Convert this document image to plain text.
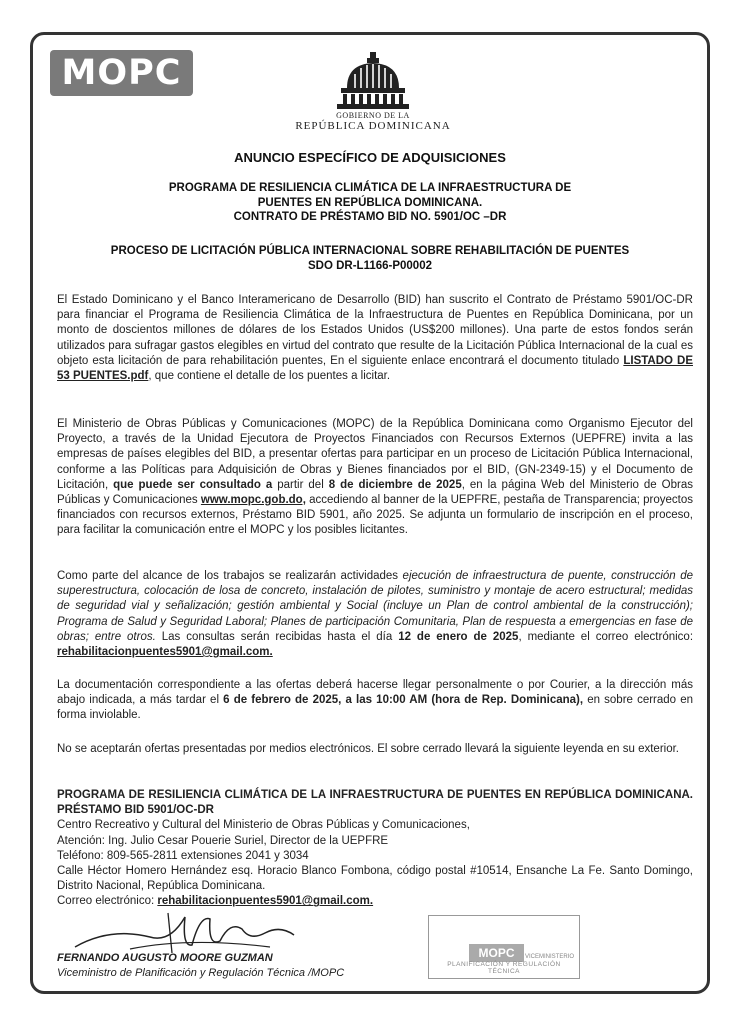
MOPC
GOBIERNO DE LA
REPÚBLICA DOMINICANA
ANUNCIO ESPECÍFICO DE ADQUISICIONES
PROGRAMA DE RESILIENCIA CLIMÁTICA DE LA INFRAESTRUCTURA DE
PUENTES EN REPÚBLICA DOMINICANA.
CONTRATO DE PRÉSTAMO BID NO. 5901/OC –DR
PROCESO DE LICITACIÓN PÚBLICA INTERNACIONAL SOBRE REHABILITACIÓN DE PUENTES
SDO DR-L1166-P00002
El Estado Dominicano y el Banco Interamericano de Desarrollo (BID) han suscrito el Contrato de Préstamo 5901/OC-DR para financiar el Programa de Resiliencia Climática de la Infraestructura de Puentes en República Dominicana, por un monto de doscientos millones de dólares de los Estados Unidos (US$200 millones). Una parte de estos fondos serán utilizados para sufragar gastos elegibles en virtud del contrato que resulte de la Licitación Pública Internacional de la cual es objeto esta licitación de para rehabilitación puentes, En el siguiente enlace encontrará el documento titulado LISTADO DE 53 PUENTES.pdf, que contiene el detalle de los puentes a licitar.
El Ministerio de Obras Públicas y Comunicaciones (MOPC) de la República Dominicana como Organismo Ejecutor del Proyecto, a través de la Unidad Ejecutora de Proyectos Financiados con Recursos Externos (UEPFRE) invita a las empresas de países elegibles del BID, a presentar ofertas para participar en un proceso de Licitación Pública Internacional, conforme a las Políticas para Adquisición de Obras y Bienes financiados por el BID, (GN-2349-15) y el Documento de Licitación, que puede ser consultado a partir del 8 de diciembre de 2025, en la página Web del Ministerio de Obras Públicas y Comunicaciones www.mopc.gob.do, accediendo al banner de la UEPFRE, pestaña de Transparencia; proyectos financiados con recursos externos, Préstamo BID 5901, año 2025. Se adjunta un formulario de inscripción en el proceso, para facilitar la comunicación entre el MOPC y los posibles licitantes.
Como parte del alcance de los trabajos se realizarán actividades ejecución de infraestructura de puente, construcción de superestructura, colocación de losa de concreto, instalación de pilotes, suministro y montaje de acero estructural; medidas de seguridad vial y señalización; gestión ambiental y Social (incluye un Plan de control ambiental de la construcción); Programa de Salud y Seguridad Laboral; Planes de participación Comunitaria, Plan de respuesta a emergencias en fase de obras; entre otros. Las consultas serán recibidas hasta el día 12 de enero de 2025, mediante el correo electrónico: rehabilitacionpuentes5901@gmail.com.
La documentación correspondiente a las ofertas deberá hacerse llegar personalmente o por Courier, a la dirección más abajo indicada, a más tardar el 6 de febrero de 2025, a las 10:00 AM (hora de Rep. Dominicana), en sobre cerrado en forma inviolable.
No se aceptarán ofertas presentadas por medios electrónicos. El sobre cerrado llevará la siguiente leyenda en su exterior.
PROGRAMA DE RESILIENCIA CLIMÁTICA DE LA INFRAESTRUCTURA DE PUENTES EN REPÚBLICA DOMINICANA. PRÉSTAMO BID 5901/OC-DR
Centro Recreativo y Cultural del Ministerio de Obras Públicas y Comunicaciones,
Atención: Ing. Julio Cesar Pouerie Suriel, Director de la UEPFRE
Teléfono: 809-565-2811 extensiones 2041 y 3034
Calle Héctor Homero Hernández esq. Horacio Blanco Fombona, código postal #10514, Ensanche La Fe. Santo Domingo, Distrito Nacional, República Dominicana.
Correo electrónico: rehabilitacionpuentes5901@gmail.com.
FERNANDO AUGUSTO MOORE GUZMAN
Viceministro de Planificación y Regulación Técnica /MOPC
MOPC	VICEMINISTERIO
PLANIFICACIÓN Y REGULACIÓN TÉCNICA
